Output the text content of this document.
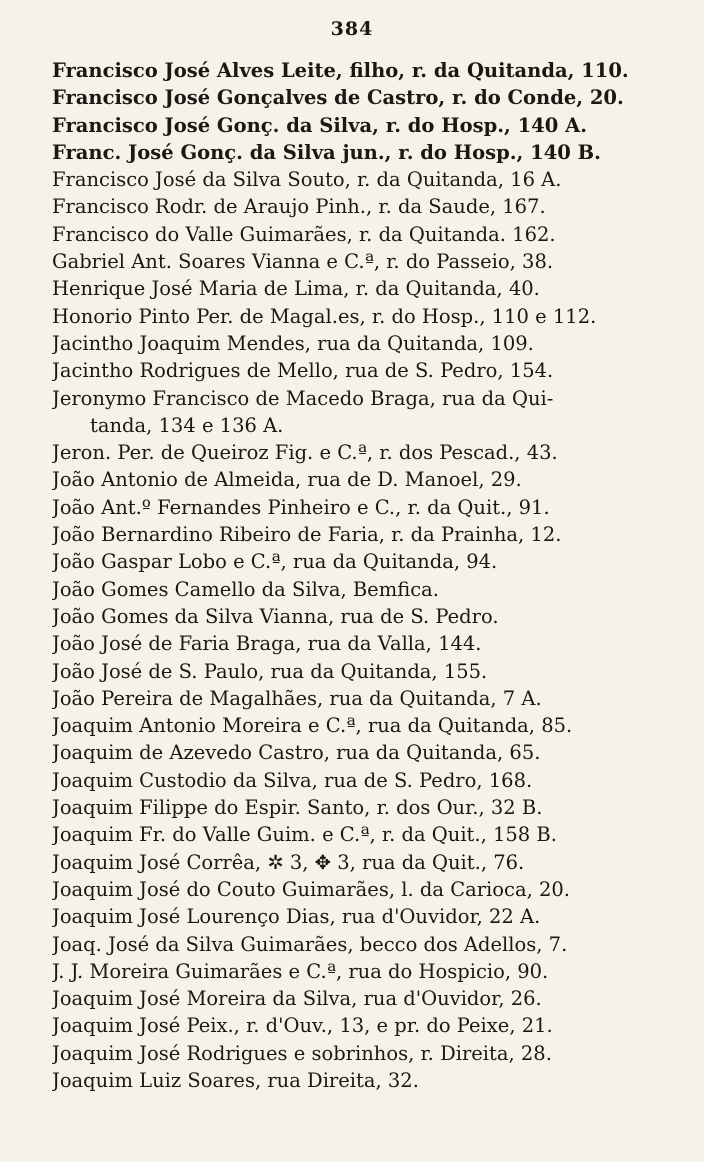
384
Francisco José Alves Leite, filho, r. da Quitanda, 110.
Francisco José Gonçalves de Castro, r. do Conde, 20.
Francisco José Gonç. da Silva, r. do Hosp., 140 A.
Franc. José Gonç. da Silva jun., r. do Hosp., 140 B.
Francisco José da Silva Souto, r. da Quitanda, 16 A.
Francisco Rodr. de Araujo Pinh., r. da Saude, 167.
Francisco do Valle Guimarães, r. da Quitanda. 162.
Gabriel Ant. Soares Vianna e C.ª, r. do Passeio, 38.
Henrique José Maria de Lima, r. da Quitanda, 40.
Honorio Pinto Per. de Magal.es, r. do Hosp., 110 e 112.
Jacintho Joaquim Mendes, rua da Quitanda, 109.
Jacintho Rodrigues de Mello, rua de S. Pedro, 154.
Jeronymo Francisco de Macedo Braga, rua da Qui-
tanda, 134 e 136 A.
Jeron. Per. de Queiroz Fig. e C.ª, r. dos Pescad., 43.
João Antonio de Almeida, rua de D. Manoel, 29.
João Ant.º Fernandes Pinheiro e C., r. da Quit., 91.
João Bernardino Ribeiro de Faria, r. da Prainha, 12.
João Gaspar Lobo e C.ª, rua da Quitanda, 94.
João Gomes Camello da Silva, Bemfica.
João Gomes da Silva Vianna, rua de S. Pedro.
João José de Faria Braga, rua da Valla, 144.
João José de S. Paulo, rua da Quitanda, 155.
João Pereira de Magalhães, rua da Quitanda, 7 A.
Joaquim Antonio Moreira e C.ª, rua da Quitanda, 85.
Joaquim de Azevedo Castro, rua da Quitanda, 65.
Joaquim Custodio da Silva, rua de S. Pedro, 168.
Joaquim Filippe do Espir. Santo, r. dos Our., 32 B.
Joaquim Fr. do Valle Guim. e C.ª, r. da Quit., 158 B.
Joaquim José Corrêa, ✲ 3, ✥ 3, rua da Quit., 76.
Joaquim José do Couto Guimarães, l. da Carioca, 20.
Joaquim José Lourenço Dias, rua d'Ouvidor, 22 A.
Joaq. José da Silva Guimarães, becco dos Adellos, 7.
J. J. Moreira Guimarães e C.ª, rua do Hospicio, 90.
Joaquim José Moreira da Silva, rua d'Ouvidor, 26.
Joaquim José Peix., r. d'Ouv., 13, e pr. do Peixe, 21.
Joaquim José Rodrigues e sobrinhos, r. Direita, 28.
Joaquim Luiz Soares, rua Direita, 32.
